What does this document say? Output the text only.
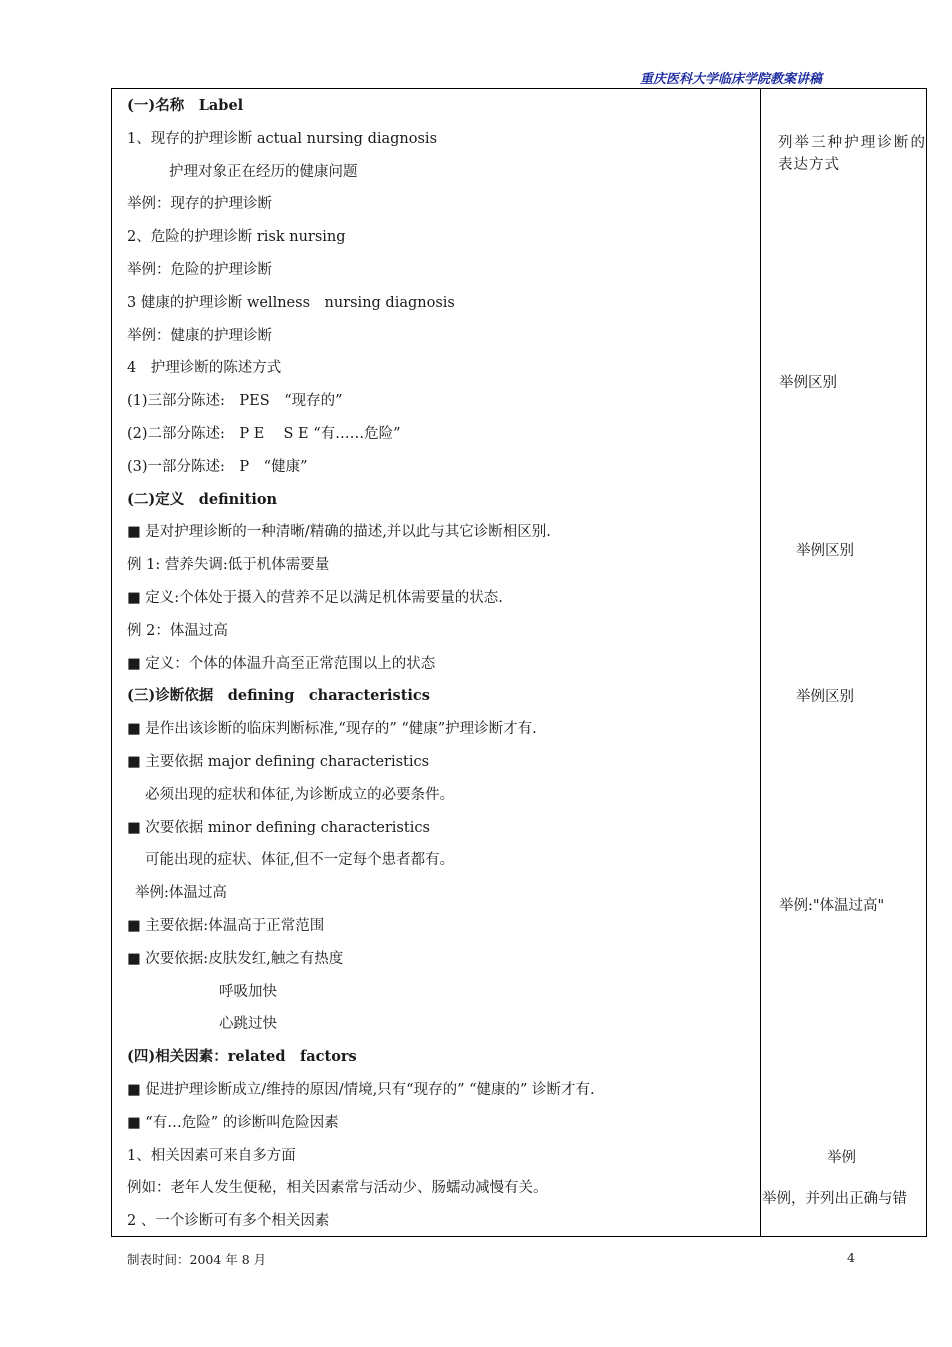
重庆医科大学临床学院教案讲稿
(一)名称　Label
1、现存的护理诊断 actual nursing diagnosis
护理对象正在经历的健康问题
举例：现存的护理诊断
2、危险的护理诊断 risk nursing
举例：危险的护理诊断
3 健康的护理诊断 wellness　nursing diagnosis
举例：健康的护理诊断
4　护理诊断的陈述方式
(1)三部分陈述:　PES　“现存的”
(2)二部分陈述:　P E　 S E “有……危险”
(3)一部分陈述:　P　“健康”
(二)定义　definition
■ 是对护理诊断的一种清晰/精确的描述,并以此与其它诊断相区别.
例 1: 营养失调:低于机体需要量
■ 定义:个体处于摄入的营养不足以满足机体需要量的状态.
例 2：体温过高
■ 定义：个体的体温升高至正常范围以上的状态
(三)诊断依据　defining　characteristics
■ 是作出该诊断的临床判断标准,“现存的” “健康”护理诊断才有.
■ 主要依据 major defining characteristics
必须出现的症状和体征,为诊断成立的必要条件。
■ 次要依据 minor defining characteristics
可能出现的症状、体征,但不一定每个患者都有。
举例:体温过高
■ 主要依据:体温高于正常范围
■ 次要依据:皮肤发红,触之有热度
呼吸加快
心跳过快
(四)相关因素：related　factors
■ 促进护理诊断成立/维持的原因/情境,只有“现存的” “健康的” 诊断才有.
■ “有…危险” 的诊断叫危险因素
1、相关因素可来自多方面
例如：老年人发生便秘，相关因素常与活动少、肠蠕动减慢有关。
2 、一个诊断可有多个相关因素
列举三种护理诊断的表达方式
举例区别
举例区别
举例区别
举例:"体温过高"
举例
举例，并列出正确与错
制表时间：2004 年 8 月	4
